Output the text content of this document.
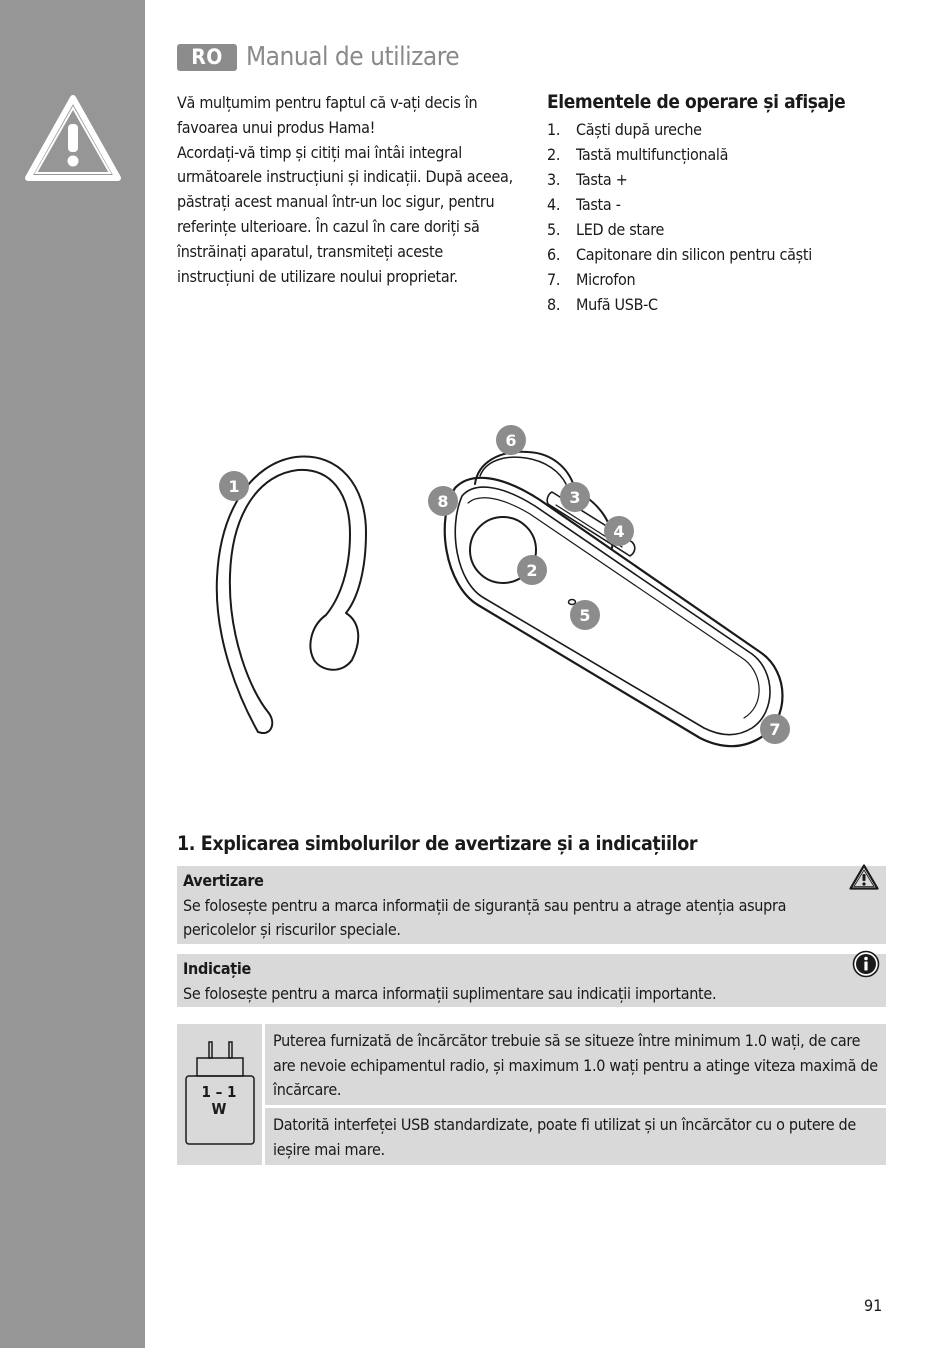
RO Manual de utilizare

Vă mulțumim pentru faptul că v-ați decis în favoarea unui produs Hama!

Acordați-vă timp și citiți mai întâi integral următoarele instrucțiuni și indicații. După aceea, păstrați acest manual într-un loc sigur, pentru referințe ulterioare. În cazul în care doriți să înstrăinați aparatul, transmiteți aceste instrucțiuni de utilizare noului proprietar.

Elementele de operare și afișaje
1. Căști după ureche
2. Tastă multifuncțională
3. Tasta +
4. Tasta -
5. LED de stare
6. Capitonare din silicon pentru căști
7. Microfon
8. Mufă USB-C
1
2
3
4
5
6
7
8
1. Explicarea simbolurilor de avertizare și a indicațiilor
Avertizare
Se folosește pentru a marca informații de siguranță sau pentru a atrage atenția asupra pericolelor și riscurilor speciale.
Indicație
Se folosește pentru a marca informații suplimentare sau indicații importante.
1 – 1
W

Puterea furnizată de încărcător trebuie să se situeze între minimum 1.0 wați, de care are nevoie echipamentul radio, și maximum 1.0 wați pentru a atinge viteza maximă de încărcare.

Datorită interfeței USB standardizate, poate fi utilizat și un încărcător cu o putere de ieșire mai mare.

91
